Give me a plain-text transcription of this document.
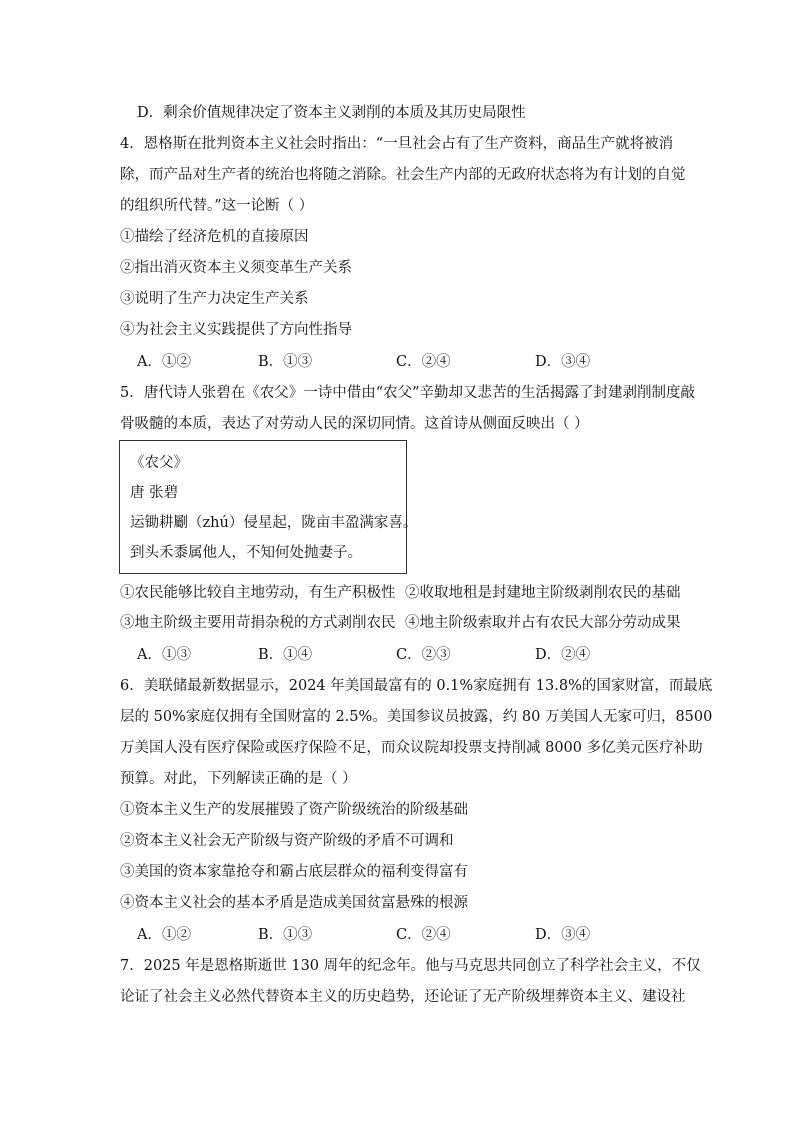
D．剩余价值规律决定了资本主义剥削的本质及其历史局限性
4．恩格斯在批判资本主义社会时指出：“一旦社会占有了生产资料，商品生产就将被消
除，而产品对生产者的统治也将随之消除。社会生产内部的无政府状态将为有计划的自觉
的组织所代替。”这一论断（ ）
①描绘了经济危机的直接原因
②指出消灭资本主义须变革生产关系
③说明了生产力决定生产关系
④为社会主义实践提供了方向性指导
A．①②	B．①③	C．②④	D．③④
5．唐代诗人张碧在《农父》一诗中借由“农父”辛勤却又悲苦的生活揭露了封建剥削制度敲
骨吸髓的本质，表达了对劳动人民的深切同情。这首诗从侧面反映出（ ）
《农父》
唐 张碧
运锄耕劚（zhú）侵星起，陇亩丰盈满家喜。
到头禾黍属他人，不知何处抛妻子。
①农民能够比较自主地劳动，有生产积极性 ②收取地租是封建地主阶级剥削农民的基础
③地主阶级主要用苛捐杂税的方式剥削农民 ④地主阶级索取并占有农民大部分劳动成果
A．①③	B．①④	C．②③	D．②④
6．美联储最新数据显示，2024 年美国最富有的 0.1%家庭拥有 13.8%的国家财富，而最底
层的 50%家庭仅拥有全国财富的 2.5%。美国参议员披露，约 80 万美国人无家可归，8500
万美国人没有医疗保险或医疗保险不足，而众议院却投票支持削减 8000 多亿美元医疗补助
预算。对此，下列解读正确的是（ ）
①资本主义生产的发展摧毁了资产阶级统治的阶级基础
②资本主义社会无产阶级与资产阶级的矛盾不可调和
③美国的资本家靠抢夺和霸占底层群众的福利变得富有
④资本主义社会的基本矛盾是造成美国贫富悬殊的根源
A．①②	B．①③	C．②④	D．③④
7．2025 年是恩格斯逝世 130 周年的纪念年。他与马克思共同创立了科学社会主义，不仅
论证了社会主义必然代替资本主义的历史趋势，还论证了无产阶级埋葬资本主义、建设社
